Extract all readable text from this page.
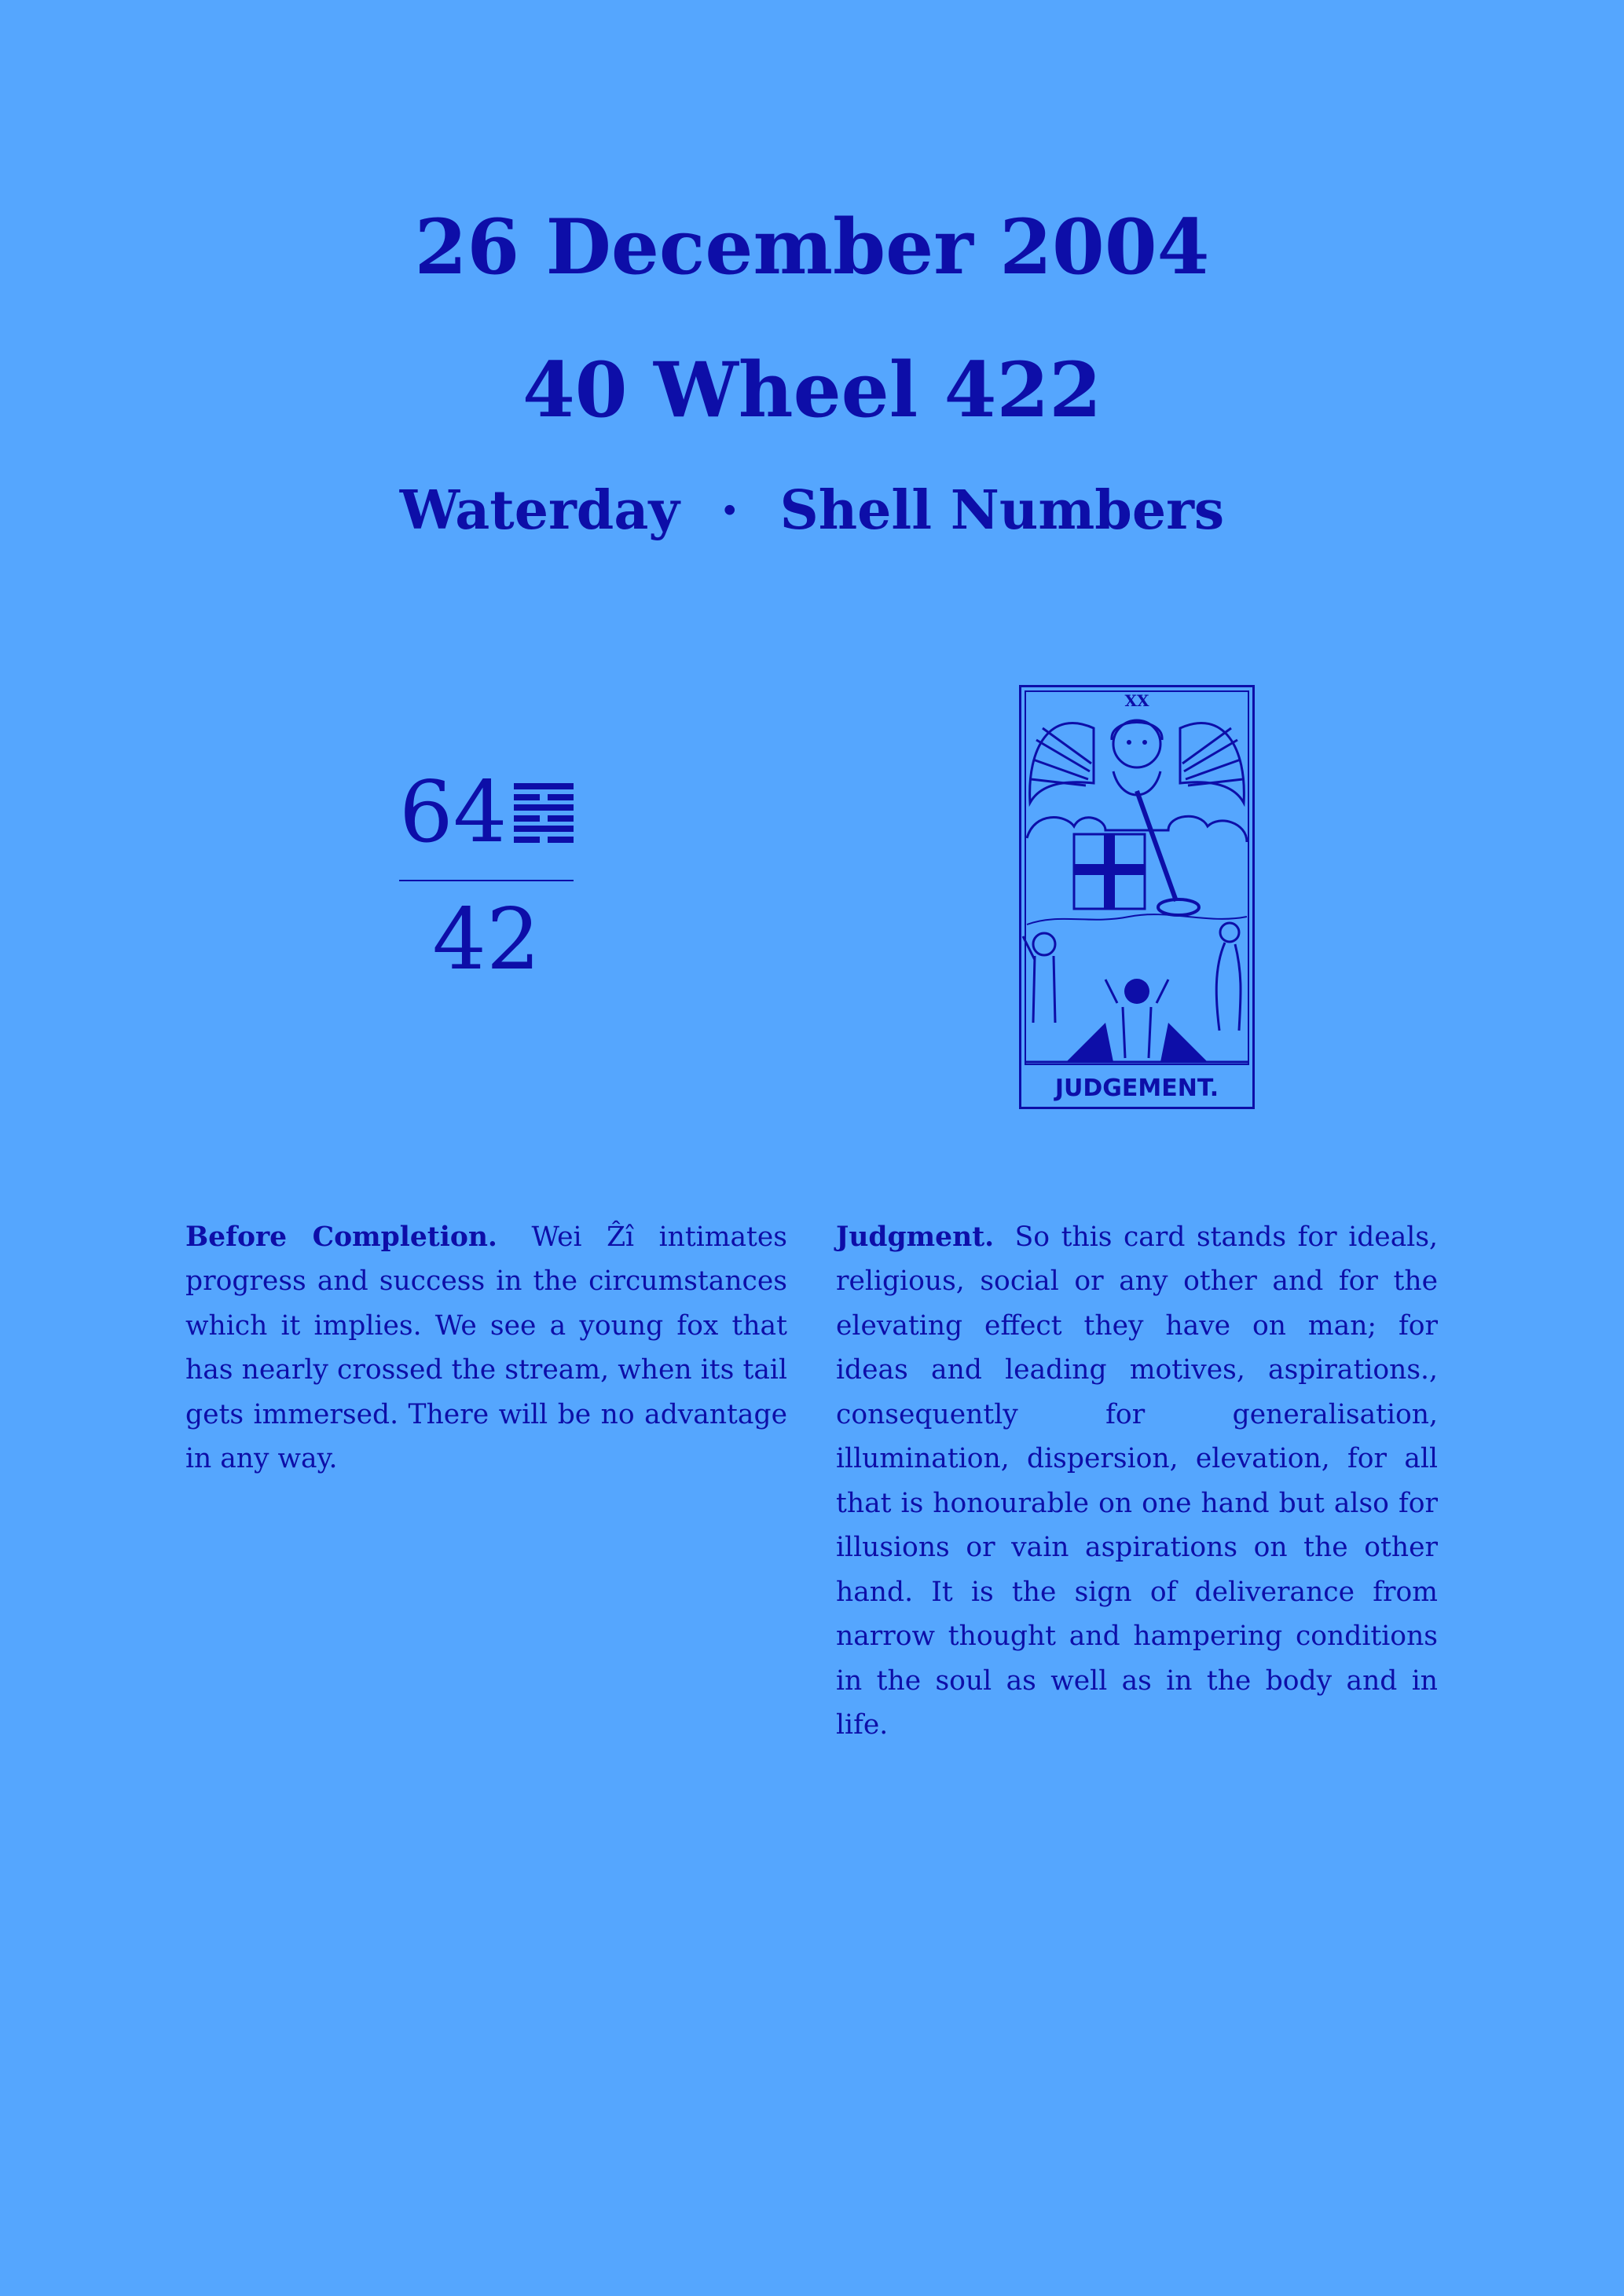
26 December 2004
40 Wheel 422
Waterday · Shell Numbers
64
42
XX
JUDGEMENT.

Before Completion. Wei Ẑî intimates progress and success in the circumstances which it implies. We see a young fox that has nearly crossed the stream, when its tail gets immersed. There will be no advantage in any way.

Judgment. So this card stands for ideals, religious, social or any other and for the elevating effect they have on man; for ideas and leading motives, aspirations., consequently for generalisation, illumination, dispersion, elevation, for all that is honourable on one hand but also for illusions or vain aspirations on the other hand. It is the sign of deliverance from narrow thought and hampering conditions in the soul as well as in the body and in life.
